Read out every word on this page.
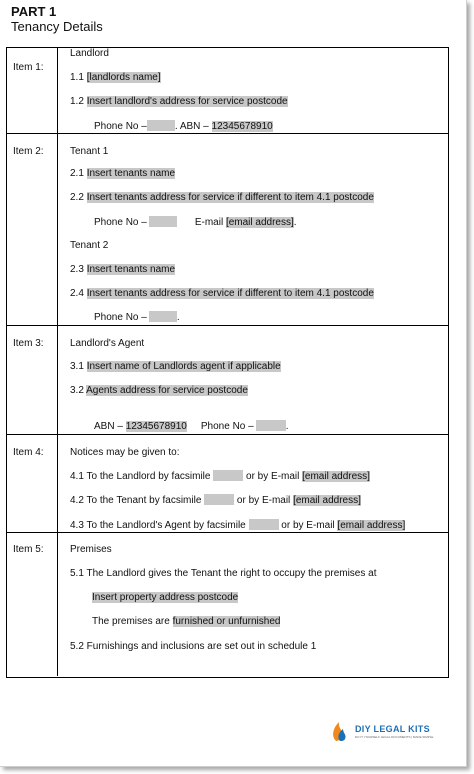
PART 1
Tenancy Details
Item 1:
Landlord
1.1 [landlords name]
1.2 Insert landlord's address for service postcode
Phone No –	. ABN – 12345678910
Item 2:	Tenant 1
2.1 Insert tenants name
2.2 Insert tenants address for service if different to item 4.1 postcode
Phone No –	E-mail [email address].
Tenant 2
2.3 Insert tenants name
2.4 Insert tenants address for service if different to item 4.1 postcode
Phone No –	.
Item 3:	Landlord's Agent
3.1 Insert name of Landlords agent if applicable
3.2 Agents address for service postcode
ABN – 12345678910 Phone No –	.
Item 4:	Notices may be given to:
4.1 To the Landlord by facsimile	or by E-mail [email address]
4.2 To the Tenant by facsimile	or by E-mail [email address]
4.3 To the Landlord's Agent by facsimile	or by E-mail [email address]
Item 5:	Premises
5.1 The Landlord gives the Tenant the right to occupy the premises at
Insert property address postcode
The premises are furnished or unfurnished
5.2 Furnishings and inclusions are set out in schedule 1
DIY LEGAL KITS
DO IT YOURSELF LEGAL DOCUMENTS | MADE SIMPLE
